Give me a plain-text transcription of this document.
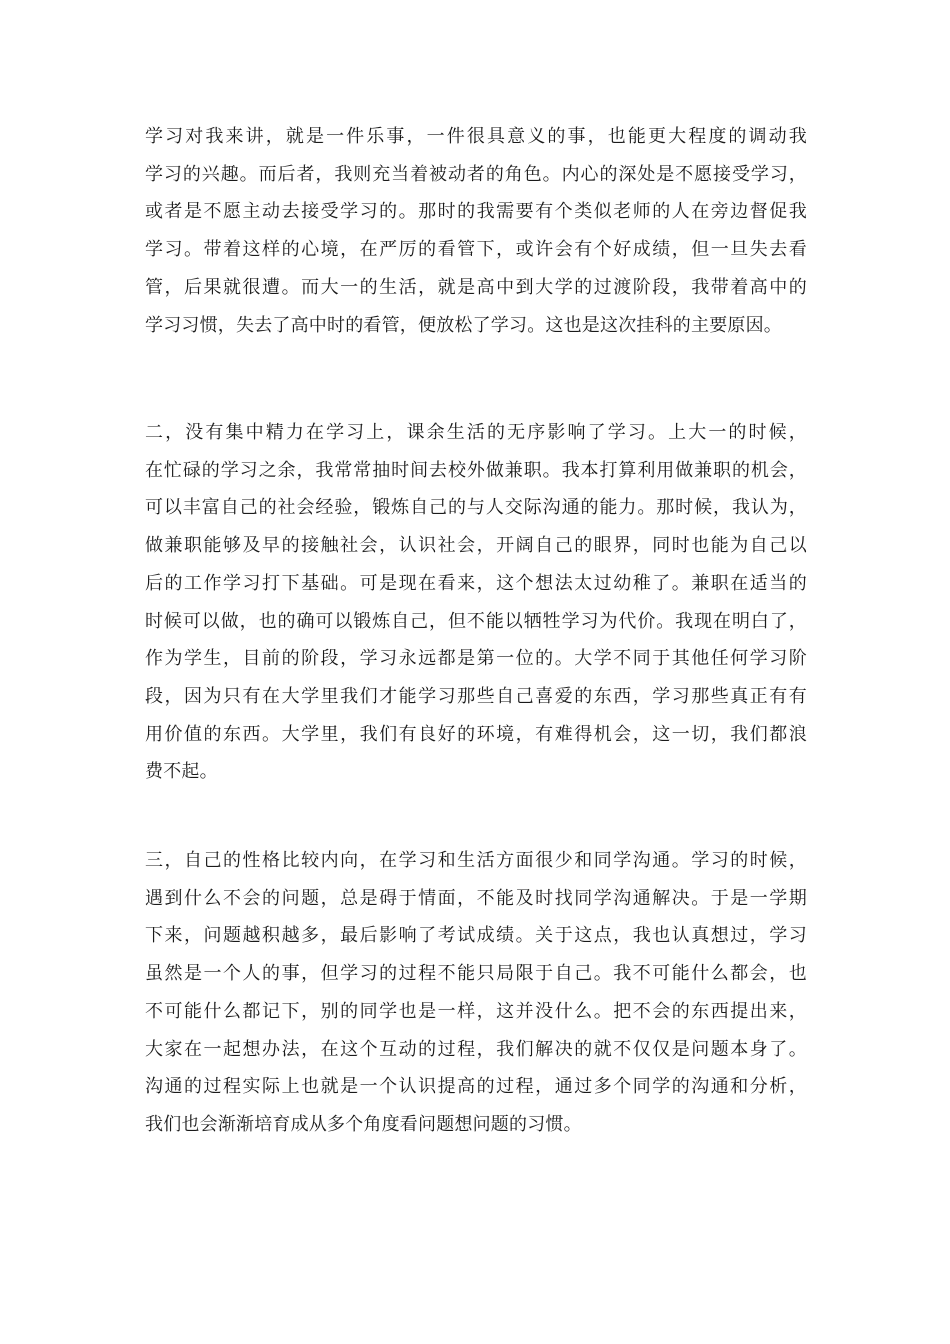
学习对我来讲，就是一件乐事，一件很具意义的事，也能更大程度的调动我
学习的兴趣。而后者，我则充当着被动者的角色。内心的深处是不愿接受学习，
或者是不愿主动去接受学习的。那时的我需要有个类似老师的人在旁边督促我
学习。带着这样的心境，在严厉的看管下，或许会有个好成绩，但一旦失去看
管，后果就很遭。而大一的生活，就是高中到大学的过渡阶段，我带着高中的
学习习惯，失去了高中时的看管，便放松了学习。这也是这次挂科的主要原因。
二，没有集中精力在学习上，课余生活的无序影响了学习。上大一的时候，
在忙碌的学习之余，我常常抽时间去校外做兼职。我本打算利用做兼职的机会，
可以丰富自己的社会经验，锻炼自己的与人交际沟通的能力。那时候，我认为，
做兼职能够及早的接触社会，认识社会，开阔自己的眼界，同时也能为自己以
后的工作学习打下基础。可是现在看来，这个想法太过幼稚了。兼职在适当的
时候可以做，也的确可以锻炼自己，但不能以牺牲学习为代价。我现在明白了，
作为学生，目前的阶段，学习永远都是第一位的。大学不同于其他任何学习阶
段，因为只有在大学里我们才能学习那些自己喜爱的东西，学习那些真正有有
用价值的东西。大学里，我们有良好的环境，有难得机会，这一切，我们都浪
费不起。
三，自己的性格比较内向，在学习和生活方面很少和同学沟通。学习的时候，
遇到什么不会的问题，总是碍于情面，不能及时找同学沟通解决。于是一学期
下来，问题越积越多，最后影响了考试成绩。关于这点，我也认真想过，学习
虽然是一个人的事，但学习的过程不能只局限于自己。我不可能什么都会，也
不可能什么都记下，别的同学也是一样，这并没什么。把不会的东西提出来，
大家在一起想办法，在这个互动的过程，我们解决的就不仅仅是问题本身了。
沟通的过程实际上也就是一个认识提高的过程，通过多个同学的沟通和分析，
我们也会渐渐培育成从多个角度看问题想问题的习惯。
